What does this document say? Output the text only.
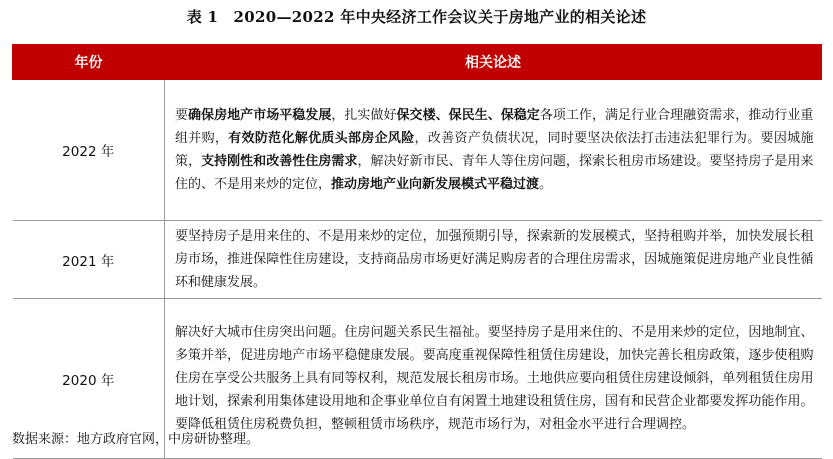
表 1　2020—2022 年中央经济工作会议关于房地产业的相关论述
年份	相关论述
2022 年	要确保房地产市场平稳发展，扎实做好保交楼、保民生、保稳定各项工作，满足行业合理融资需求，推动行业重组并购，有效防范化解优质头部房企风险，改善资产负债状况，同时要坚决依法打击违法犯罪行为。要因城施策，支持刚性和改善性住房需求，解决好新市民、青年人等住房问题，探索长租房市场建设。要坚持房子是用来住的、不是用来炒的定位，推动房地产业向新发展模式平稳过渡。
2021 年	要坚持房子是用来住的、不是用来炒的定位，加强预期引导，探索新的发展模式，坚持租购并举，加快发展长租房市场，推进保障性住房建设，支持商品房市场更好满足购房者的合理住房需求，因城施策促进房地产业良性循环和健康发展。
2020 年	解决好大城市住房突出问题。住房问题关系民生福祉。要坚持房子是用来住的、不是用来炒的定位，因地制宜、多策并举，促进房地产市场平稳健康发展。要高度重视保障性租赁住房建设，加快完善长租房政策，逐步使租购住房在享受公共服务上具有同等权利，规范发展长租房市场。土地供应要向租赁住房建设倾斜，单列租赁住房用地计划，探索利用集体建设用地和企事业单位自有闲置土地建设租赁住房，国有和民营企业都要发挥功能作用。要降低租赁住房税费负担，整顿租赁市场秩序，规范市场行为，对租金水平进行合理调控。
数据来源：地方政府官网，中房研协整理。
